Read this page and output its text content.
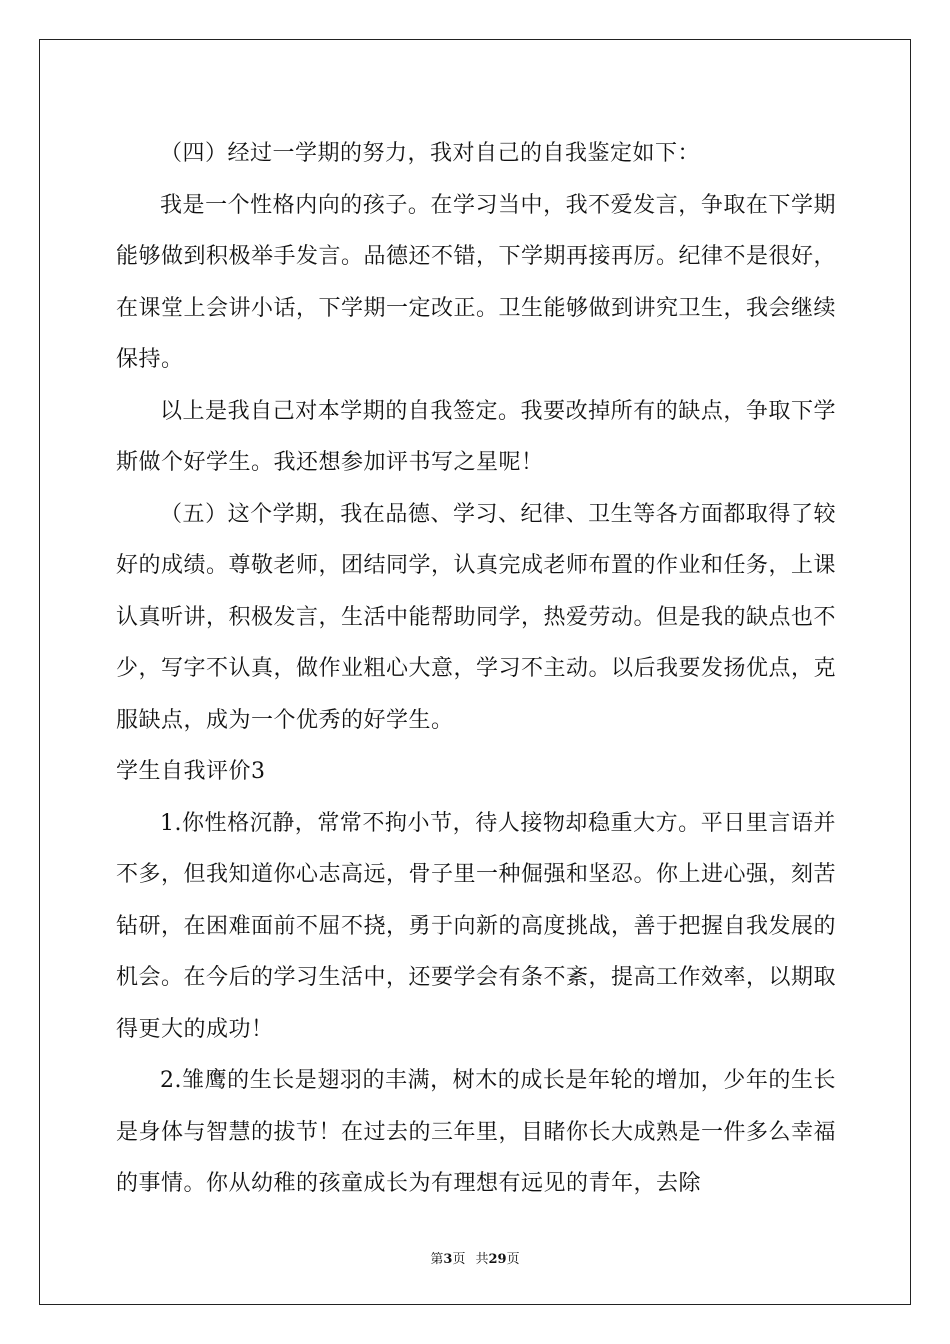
（四）经过一学期的努力，我对自己的自我鉴定如下：

我是一个性格内向的孩子。在学习当中，我不爱发言，争取在下学期能够做到积极举手发言。品德还不错，下学期再接再厉。纪律不是很好，在课堂上会讲小话，下学期一定改正。卫生能够做到讲究卫生，我会继续保持。

以上是我自己对本学期的自我签定。我要改掉所有的缺点，争取下学斯做个好学生。我还想参加评书写之星呢！

（五）这个学期，我在品德、学习、纪律、卫生等各方面都取得了较好的成绩。尊敬老师，团结同学，认真完成老师布置的作业和任务，上课认真听讲，积极发言，生活中能帮助同学，热爱劳动。但是我的缺点也不少，写字不认真，做作业粗心大意，学习不主动。以后我要发扬优点，克服缺点，成为一个优秀的好学生。

学生自我评价3

1.你性格沉静，常常不拘小节，待人接物却稳重大方。平日里言语并不多，但我知道你心志高远，骨子里一种倔强和坚忍。你上进心强，刻苦钻研，在困难面前不屈不挠，勇于向新的高度挑战，善于把握自我发展的机会。在今后的学习生活中，还要学会有条不紊，提高工作效率，以期取得更大的成功！

2.雏鹰的生长是翅羽的丰满，树木的成长是年轮的增加，少年的生长是身体与智慧的拔节！在过去的三年里，目睹你长大成熟是一件多么幸福的事情。你从幼稚的孩童成长为有理想有远见的青年，去除

第3页 共29页
